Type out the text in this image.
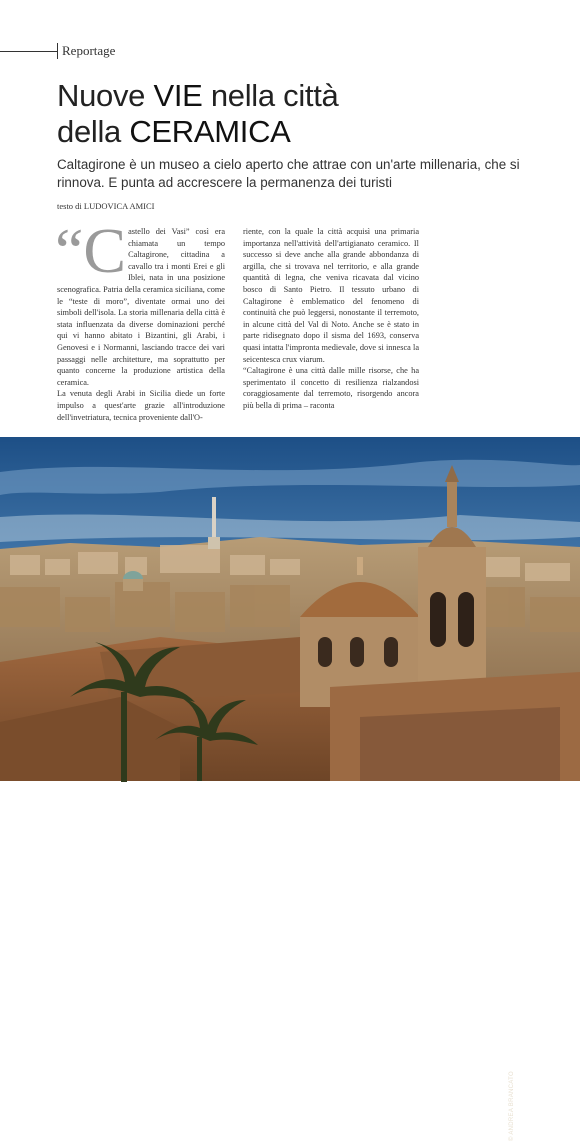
Reportage
Nuove VIE nella città
della CERAMICA
Caltagirone è un museo a cielo aperto che attrae con un'arte millenaria, che si rinnova. E punta ad accrescere la permanenza dei turisti
testo di LUDOVICA AMICI
“C astello dei Vasi” così era chiamata un tempo Caltagirone, cittadina a cavallo tra i monti Erei e gli Iblei, nata in una posizione scenografica. Patria della ceramica siciliana, come le “teste di moro”, diventate ormai uno dei simboli dell'isola. La storia millenaria della città è stata influenzata da diverse dominazioni perché qui vi hanno abitato i Bizantini, gli Arabi, i Genovesi e i Normanni, lasciando tracce dei vari passaggi nelle architetture, ma soprattutto per quanto concerne la produzione artistica della ceramica.

La venuta degli Arabi in Sicilia diede un forte impulso a quest'arte grazie all'introduzione dell'invetriatura, tecnica proveniente dall'O-

riente, con la quale la città acquisì una primaria importanza nell'attività dell'artigianato ceramico. Il successo si deve anche alla grande abbondanza di argilla, che si trovava nel territorio, e alla grande quantità di legna, che veniva ricavata dal vicino bosco di Santo Pietro. Il tessuto urbano di Caltagirone è emblematico del fenomeno di continuità che può leggersi, nonostante il terremoto, in alcune città del Val di Noto. Anche se è stato in parte ridisegnato dopo il sisma del 1693, conserva quasi intatta l'impronta medievale, dove si innesca la seicentesca crux viarum.

“Caltagirone è una città dalle mille risorse, che ha sperimentato il concetto di resilienza rialzandosi coraggiosamente dal terremoto, risorgendo ancora più bella di prima – raconta

© ANDREA BRANCATO
